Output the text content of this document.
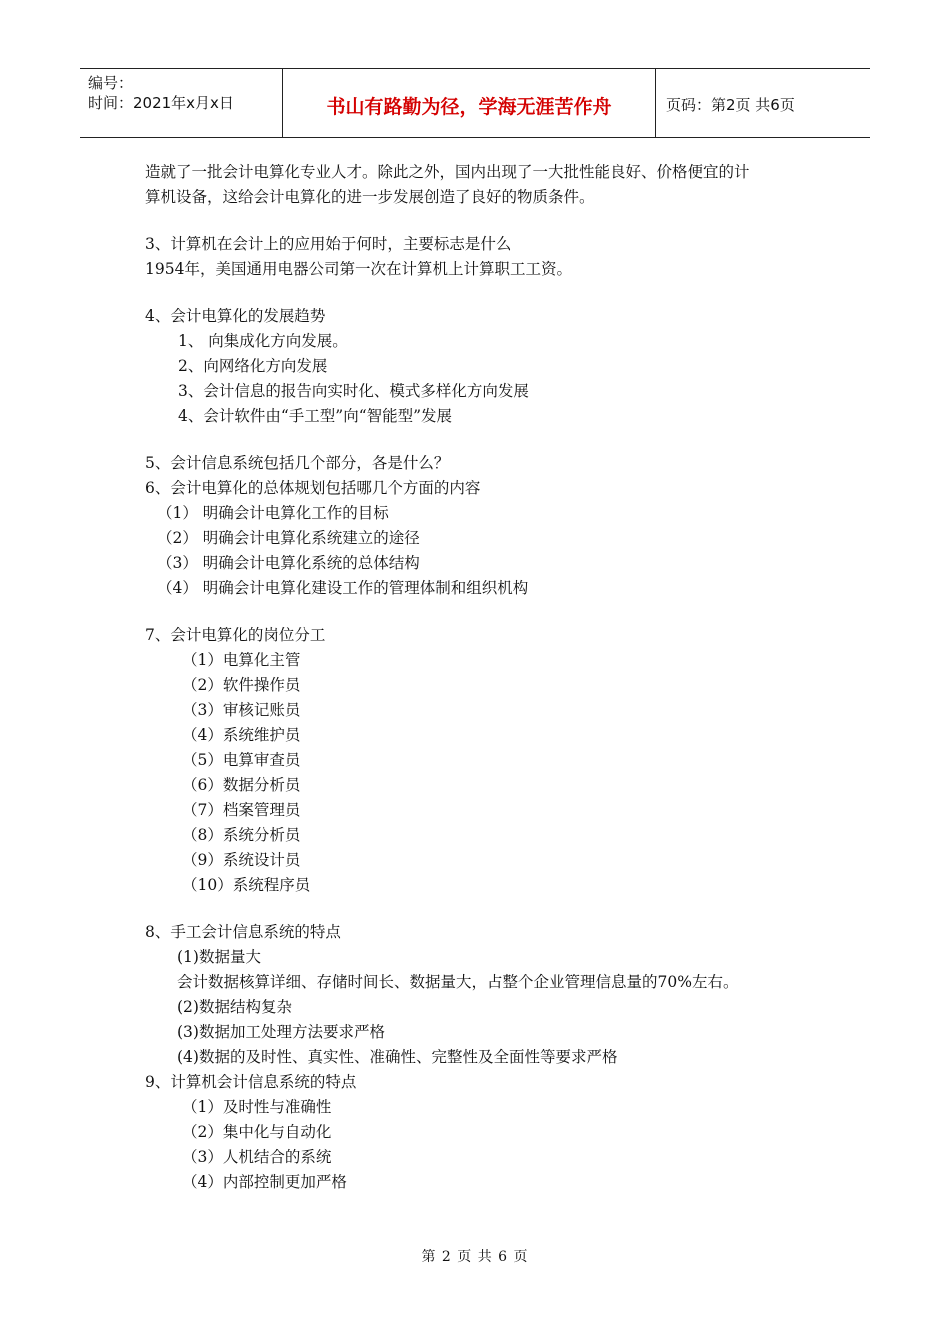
编号：
时间：2021年x月x日	书山有路勤为径，学海无涯苦作舟	页码：第2页 共6页
造就了一批会计电算化专业人才。除此之外，国内出现了一大批性能良好、价格便宜的计
算机设备，这给会计电算化的进一步发展创造了良好的物质条件。
3、计算机在会计上的应用始于何时，主要标志是什么
1954年，美国通用电器公司第一次在计算机上计算职工工资。
4、会计电算化的发展趋势
1、 向集成化方向发展。
2、向网络化方向发展
3、会计信息的报告向实时化、模式多样化方向发展
4、会计软件由“手工型”向“智能型”发展
5、会计信息系统包括几个部分，各是什么？
6、会计电算化的总体规划包括哪几个方面的内容
（1） 明确会计电算化工作的目标
（2） 明确会计电算化系统建立的途径
（3） 明确会计电算化系统的总体结构
（4） 明确会计电算化建设工作的管理体制和组织机构
7、会计电算化的岗位分工
（1）电算化主管
（2）软件操作员
（3）审核记账员
（4）系统维护员
（5）电算审查员
（6）数据分析员
（7）档案管理员
（8）系统分析员
（9）系统设计员
（10）系统程序员
8、手工会计信息系统的特点
(1)数据量大
会计数据核算详细、存储时间长、数据量大，占整个企业管理信息量的70%左右。
(2)数据结构复杂
(3)数据加工处理方法要求严格
(4)数据的及时性、真实性、准确性、完整性及全面性等要求严格
9、计算机会计信息系统的特点
（1）及时性与准确性
（2）集中化与自动化
（3）人机结合的系统
（4）内部控制更加严格
第 2 页 共 6 页
